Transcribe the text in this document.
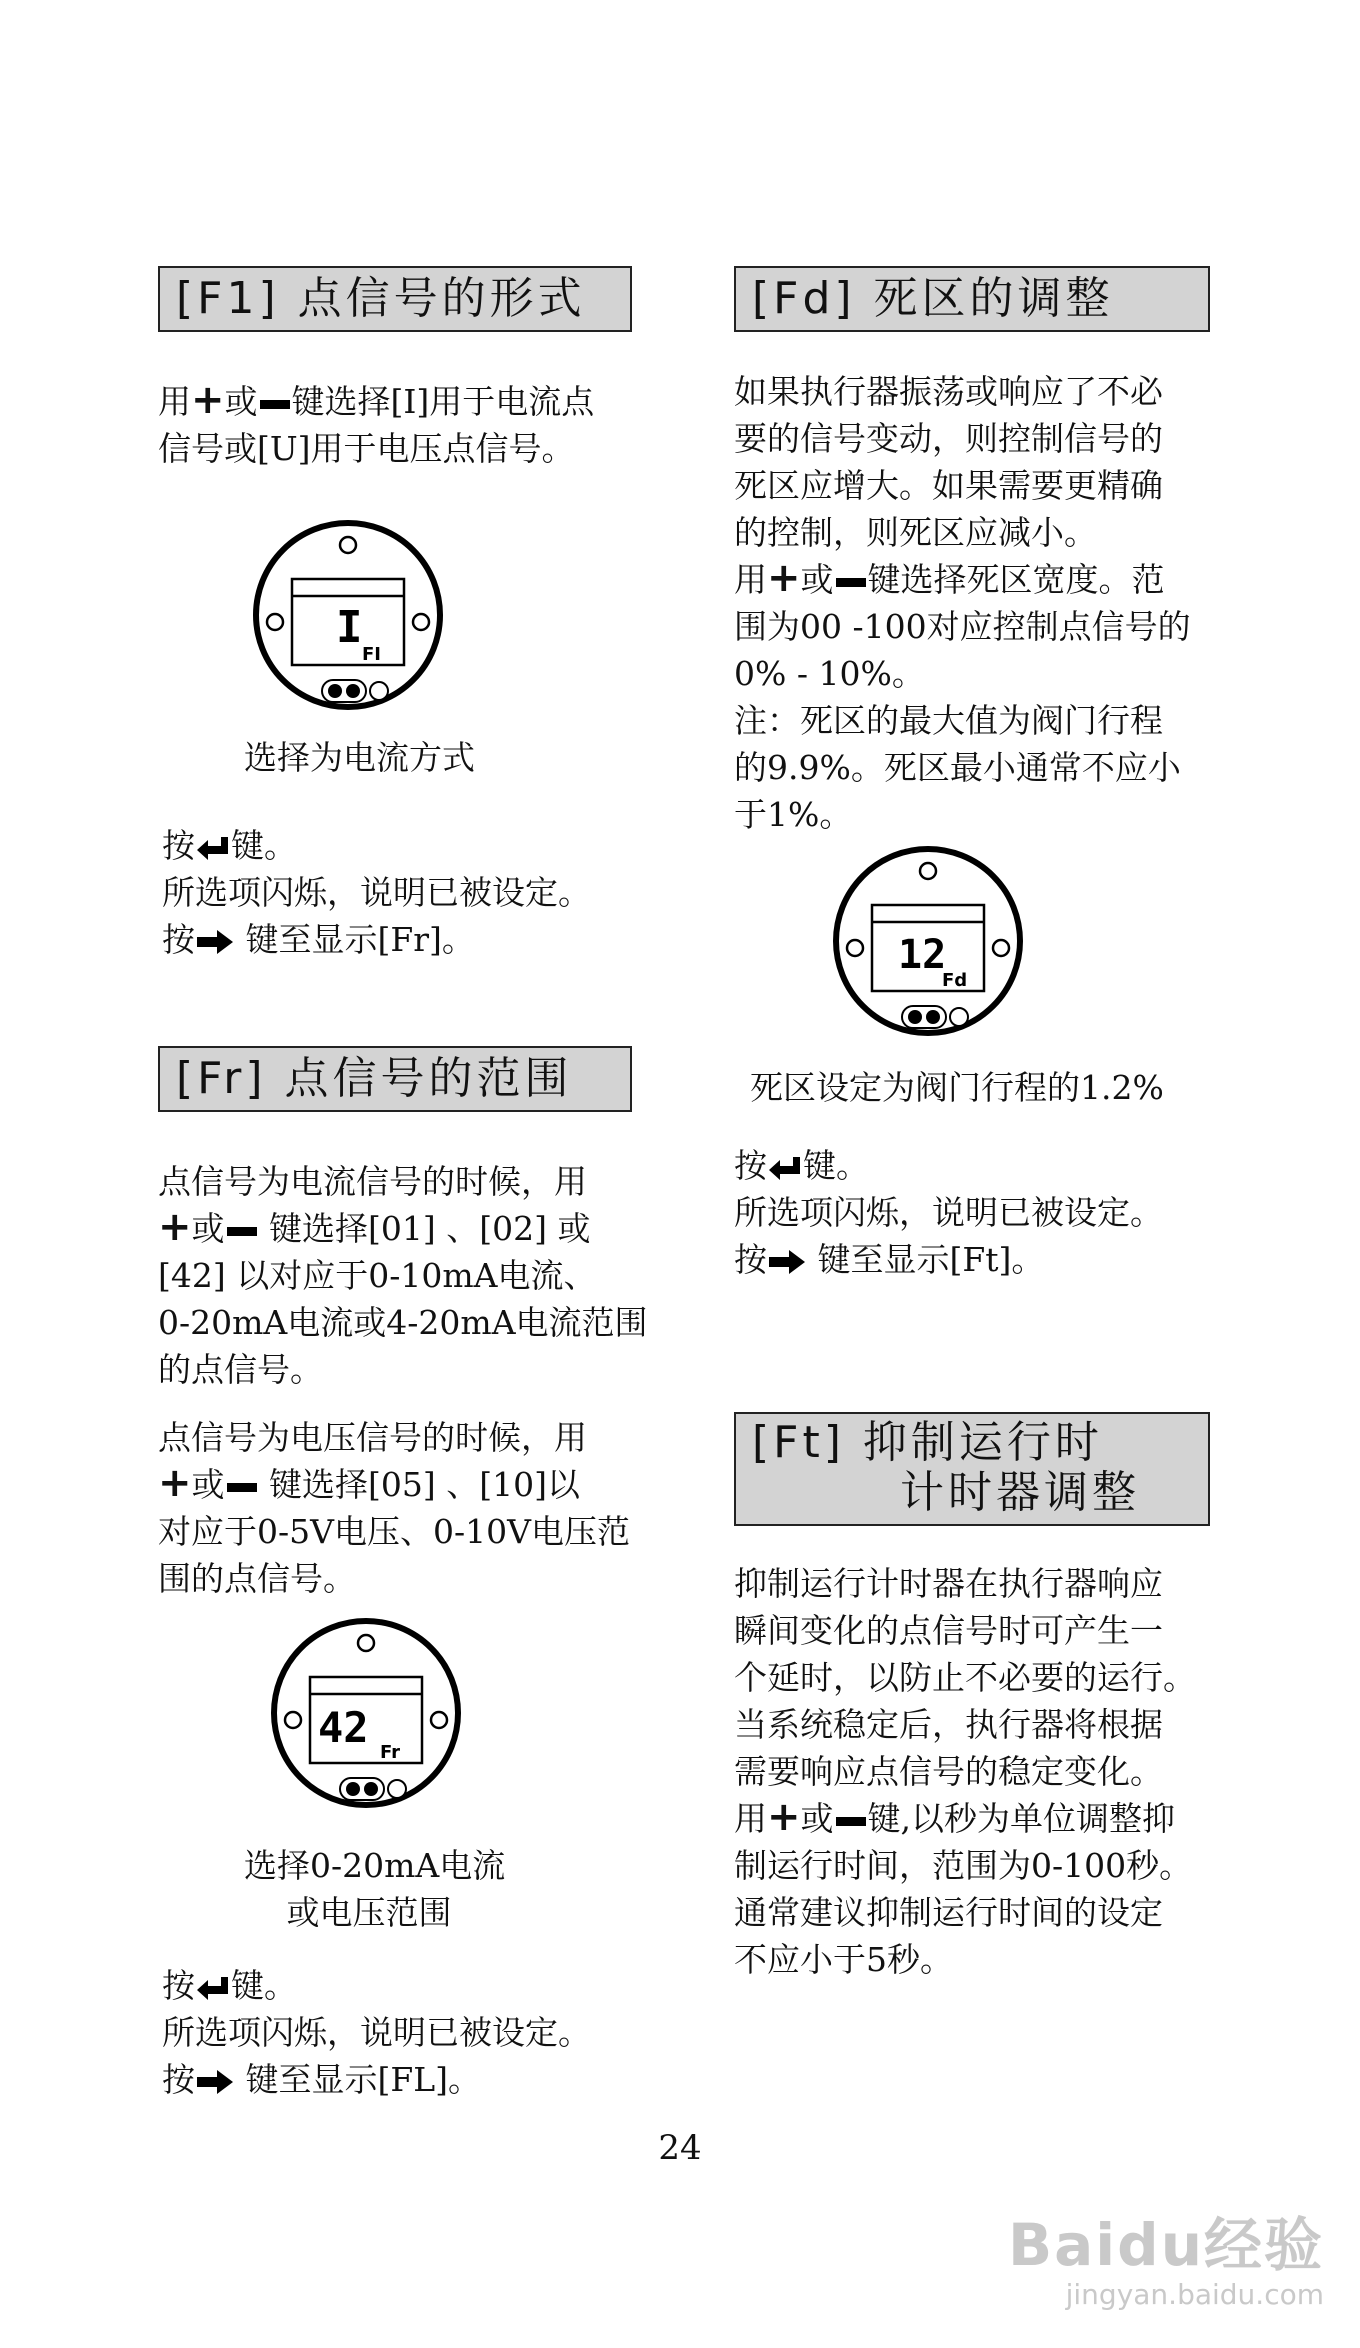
[F1] 点信号的形式

用+或 键选择[I]用于电流点
信号或[U]用于电压点信号。

I
FI
选择为电流方式

按 键。
所选项闪烁，说明已被设定。
按 键至显示[Fr]。

[Fr] 点信号的范围

点信号为电流信号的时候，用
+或 键选择[01] 、[02] 或
[42] 以对应于0-10mA电流、
0-20mA电流或4-20mA电流范围
的点信号。

点信号为电压信号的时候，用
+或 键选择[05] 、[10]以
对应于0-5V电压、0-10V电压范
围的点信号。

42
Fr
选择0-20mA电流
或电压范围

按 键。
所选项闪烁，说明已被设定。
按 键至显示[FL]。

[Fd] 死区的调整

如果执行器振荡或响应了不必
要的信号变动，则控制信号的
死区应增大。如果需要更精确
的控制，则死区应减小。
用+或 键选择死区宽度。范
围为00 -100对应控制点信号的
0% - 10%。
注：死区的最大值为阀门行程
的9.9%。死区最小通常不应小
于1%。

12
Fd
死区设定为阀门行程的1.2%

按 键。
所选项闪烁，说明已被设定。
按 键至显示[Ft]。

[Ft] 抑制运行时
计时器调整

抑制运行计时器在执行器响应
瞬间变化的点信号时可产生一
个延时，以防止不必要的运行。
当系统稳定后，执行器将根据
需要响应点信号的稳定变化。
用+或 键,以秒为单位调整抑
制运行时间，范围为0-100秒。
通常建议抑制运行时间的设定
不应小于5秒。

24
Baidu经验
jingyan.baidu.com
